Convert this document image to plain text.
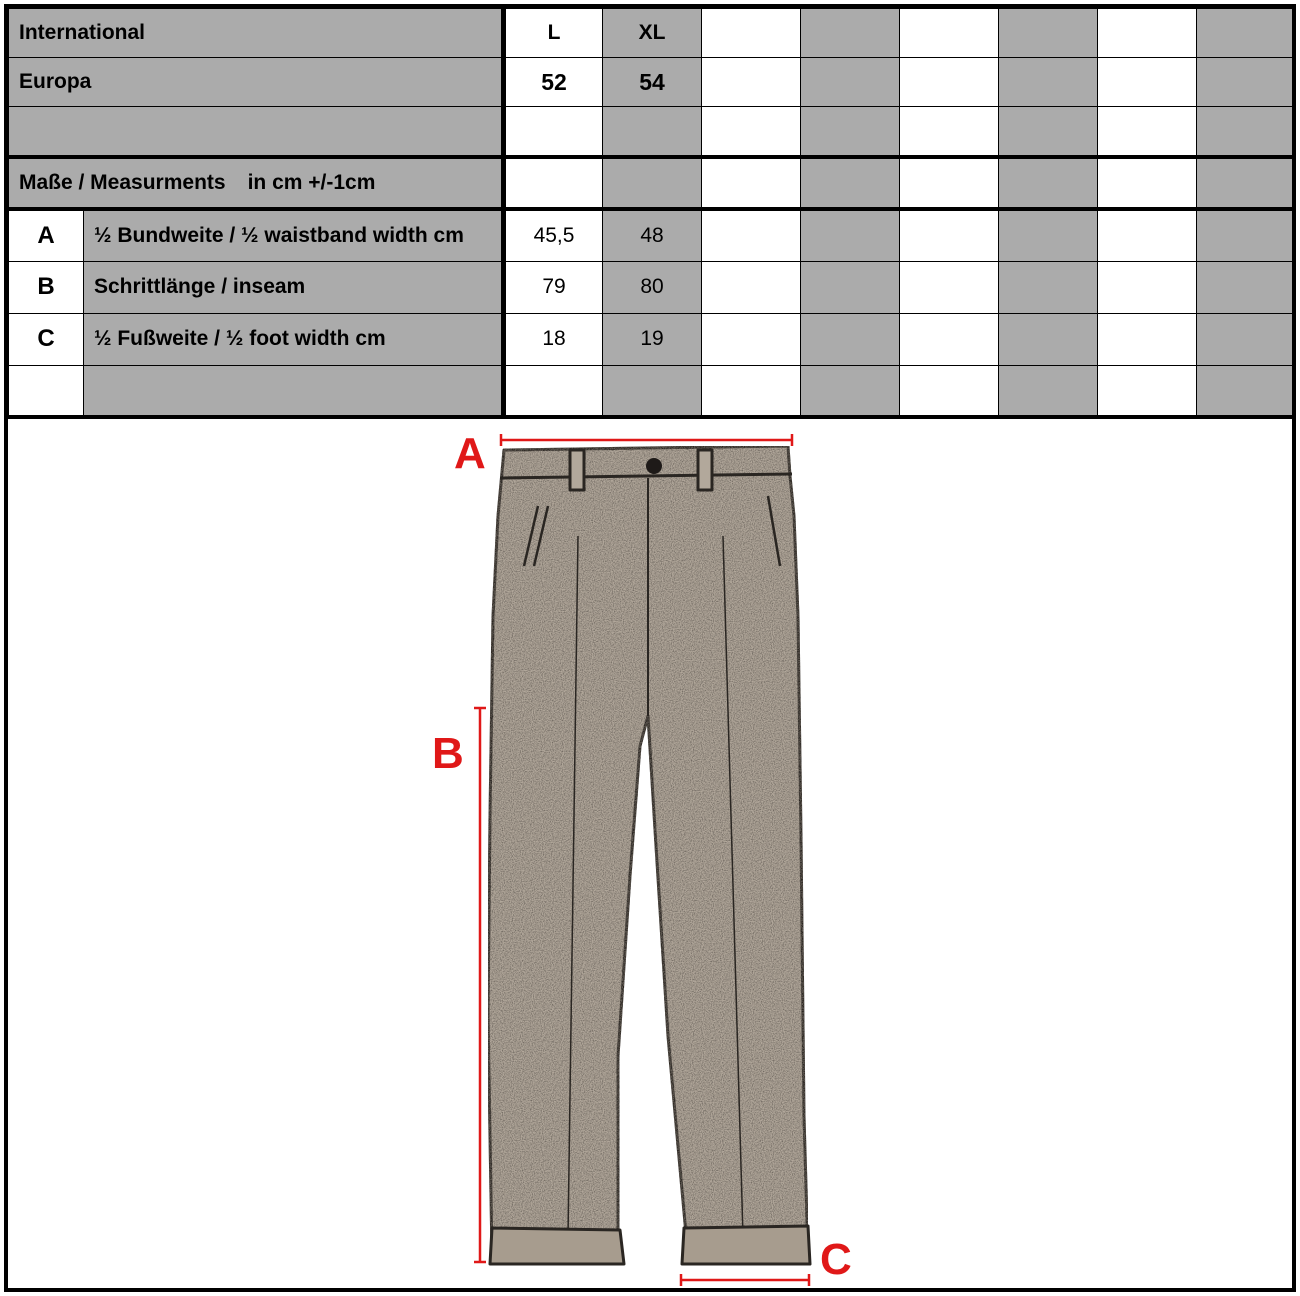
International		L	XL						
Europa		52	54						

Maße / Measurments in cm +/-1cm									
A	½ Bundweite / ½ waistband width cm	45,5	48						
B	Schrittlänge / inseam	79	80						
C	½ Fußweite / ½ foot width cm	18	19						

A
B
C
